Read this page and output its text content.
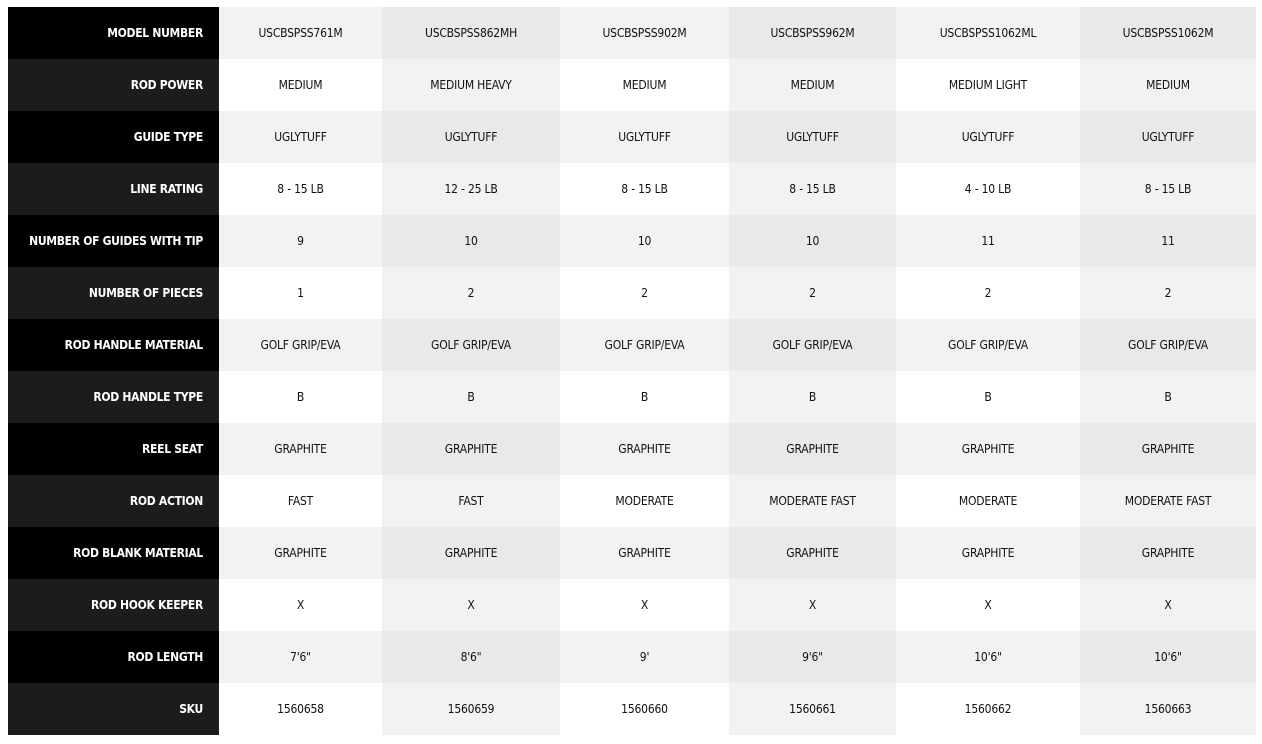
MODEL NUMBER	USCBSPSS761M	USCBSPSS862MH	USCBSPSS902M	USCBSPSS962M	USCBSPSS1062ML	USCBSPSS1062M
ROD POWER	MEDIUM	MEDIUM HEAVY	MEDIUM	MEDIUM	MEDIUM LIGHT	MEDIUM
GUIDE TYPE	UGLYTUFF	UGLYTUFF	UGLYTUFF	UGLYTUFF	UGLYTUFF	UGLYTUFF
LINE RATING	8 - 15 LB	12 - 25 LB	8 - 15 LB	8 - 15 LB	4 - 10 LB	8 - 15 LB
NUMBER OF GUIDES WITH TIP	9	10	10	10	11	11
NUMBER OF PIECES	1	2	2	2	2	2
ROD HANDLE MATERIAL	GOLF GRIP/EVA	GOLF GRIP/EVA	GOLF GRIP/EVA	GOLF GRIP/EVA	GOLF GRIP/EVA	GOLF GRIP/EVA
ROD HANDLE TYPE	B	B	B	B	B	B
REEL SEAT	GRAPHITE	GRAPHITE	GRAPHITE	GRAPHITE	GRAPHITE	GRAPHITE
ROD ACTION	FAST	FAST	MODERATE	MODERATE FAST	MODERATE	MODERATE FAST
ROD BLANK MATERIAL	GRAPHITE	GRAPHITE	GRAPHITE	GRAPHITE	GRAPHITE	GRAPHITE
ROD HOOK KEEPER	X	X	X	X	X	X
ROD LENGTH	7'6"	8'6"	9'	9'6"	10'6"	10'6"
SKU	1560658	1560659	1560660	1560661	1560662	1560663
